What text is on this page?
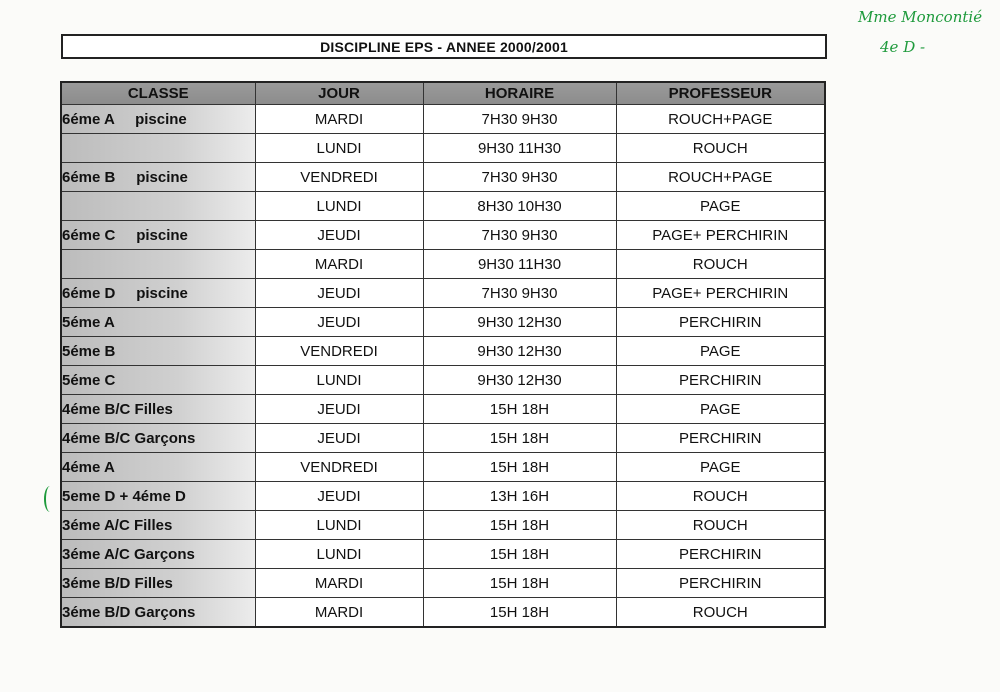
DISCIPLINE EPS - ANNEE 2000/2001
Mme Moncontié
4e D -
CLASSE	JOUR	HORAIRE	PROFESSEUR
6éme A     piscine	MARDI	7H30 9H30	ROUCH+PAGE
	LUNDI	9H30 11H30	ROUCH
6éme B     piscine	VENDREDI	7H30 9H30	ROUCH+PAGE
	LUNDI	8H30 10H30	PAGE
6éme C     piscine	JEUDI	7H30 9H30	PAGE+ PERCHIRIN
	MARDI	9H30 11H30	ROUCH
6éme D     piscine	JEUDI	7H30 9H30	PAGE+ PERCHIRIN
5éme A	JEUDI	9H30 12H30	PERCHIRIN
5éme B	VENDREDI	9H30 12H30	PAGE
5éme C	LUNDI	9H30 12H30	PERCHIRIN
4éme B/C Filles	JEUDI	15H 18H	PAGE
4éme B/C Garçons	JEUDI	15H 18H	PERCHIRIN
4éme A	VENDREDI	15H 18H	PAGE
5eme D + 4éme D	JEUDI	13H 16H	ROUCH
3éme A/C Filles	LUNDI	15H 18H	ROUCH
3éme A/C Garçons	LUNDI	15H 18H	PERCHIRIN
3éme B/D Filles	MARDI	15H 18H	PERCHIRIN
3éme B/D Garçons	MARDI	15H 18H	ROUCH
